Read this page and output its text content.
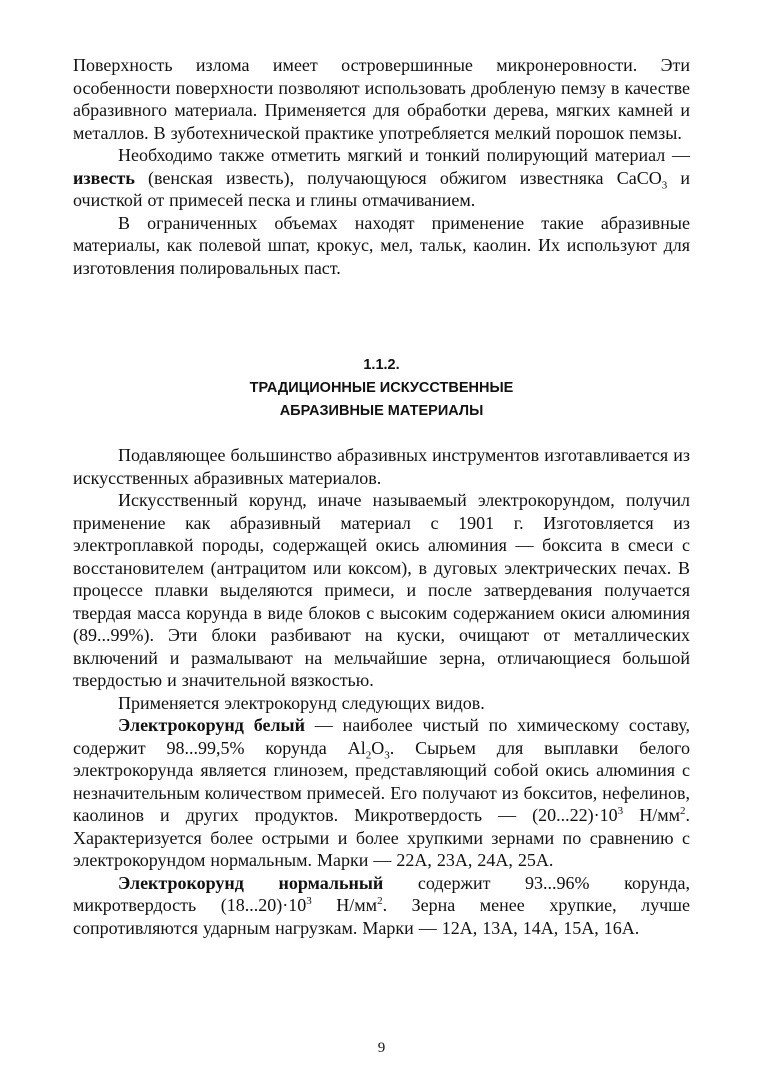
Поверхность излома имеет островершинные микронеровности. Эти особенности поверхности позволяют использовать дробленую пемзу в качестве абразивного материала. Применяется для обработки дерева, мягких камней и металлов. В зуботехнической практике употребляется мелкий порошок пемзы.

Необходимо также отметить мягкий и тонкий полирующий материал — известь (венская известь), получающуюся обжигом известняка CaCO$_3$ и очисткой от примесей песка и глины отмачиванием.

В ограниченных объемах находят применение такие абразивные материалы, как полевой шпат, крокус, мел, тальк, каолин. Их используют для изготовления полировальных паст.

1.1.2.
ТРАДИЦИОННЫЕ ИСКУССТВЕННЫЕ
АБРАЗИВНЫЕ МАТЕРИАЛЫ

Подавляющее большинство абразивных инструментов изготавливается из искусственных абразивных материалов.

Искусственный корунд, иначе называемый электрокорундом, получил применение как абразивный материал с 1901 г. Изготовляется из электроплавкой породы, содержащей окись алюминия — боксита в смеси с восстановителем (антрацитом или коксом), в дуговых электрических печах. В процессе плавки выделяются примеси, и после затвердевания получается твердая масса корунда в виде блоков с высоким содержанием окиси алюминия (89...99%). Эти блоки разбивают на куски, очищают от металлических включений и размалывают на мельчайшие зерна, отличающиеся большой твердостью и значительной вязкостью.

Применяется электрокорунд следующих видов.

Электрокорунд белый — наиболее чистый по химическому составу, содержит 98...99,5% корунда $Al_2O_3$. Сырьем для выплавки белого электрокорунда является глинозем, представляющий собой окись алюминия с незначительным количеством примесей. Его получают из бокситов, нефелинов, каолинов и других продуктов. Микротвердость — $(20...22)\cdot 10^3$ $Н/мм^2$. Характеризуется более острыми и более хрупкими зернами по сравнению с электрокорундом нормальным. Марки — 22А, 23А, 24А, 25А.

Электрокорунд нормальный содержит 93...96% корунда, микротвердость $(18...20)\cdot 10^3$ $Н/мм^2$. Зерна менее хрупкие, лучше сопротивляются ударным нагрузкам. Марки — 12А, 13А, 14А, 15А, 16А.

9
